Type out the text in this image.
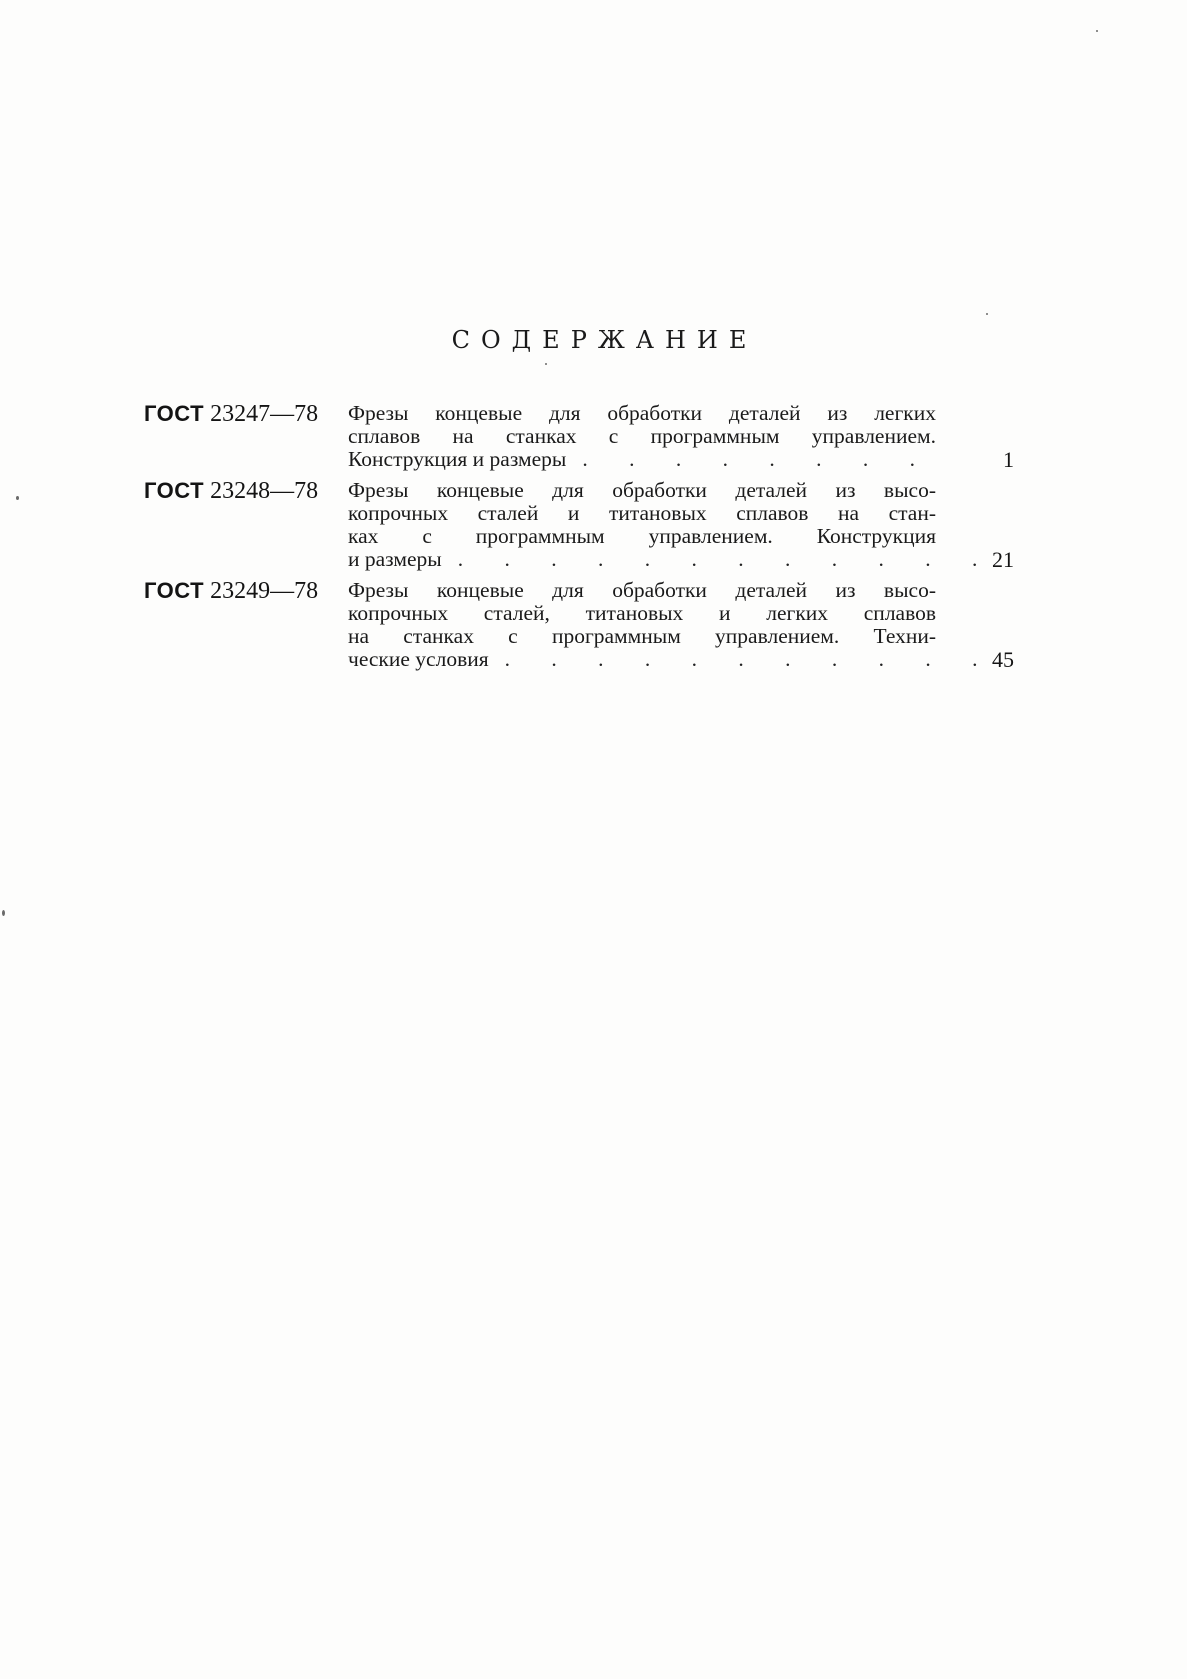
СОДЕРЖАНИЕ
ГОСТ 23247—78 Фрезы концевые для обработки деталей из легких
сплавов на станках с программным управлением.
Конструкция и размеры . . . . . . . .	1
ГОСТ 23248—78 Фрезы концевые для обработки деталей из высо-
копрочных сталей и титановых сплавов на стан-
ках с программным управлением. Конструкция
и размеры . . . . . . . . . . . .
21
ГОСТ 23249—78 Фрезы концевые для обработки деталей из высо-
копрочных сталей, титановых и легких сплавов
на станках с программным управлением. Техни-
ческие условия . . . . . . . . . . .
45
